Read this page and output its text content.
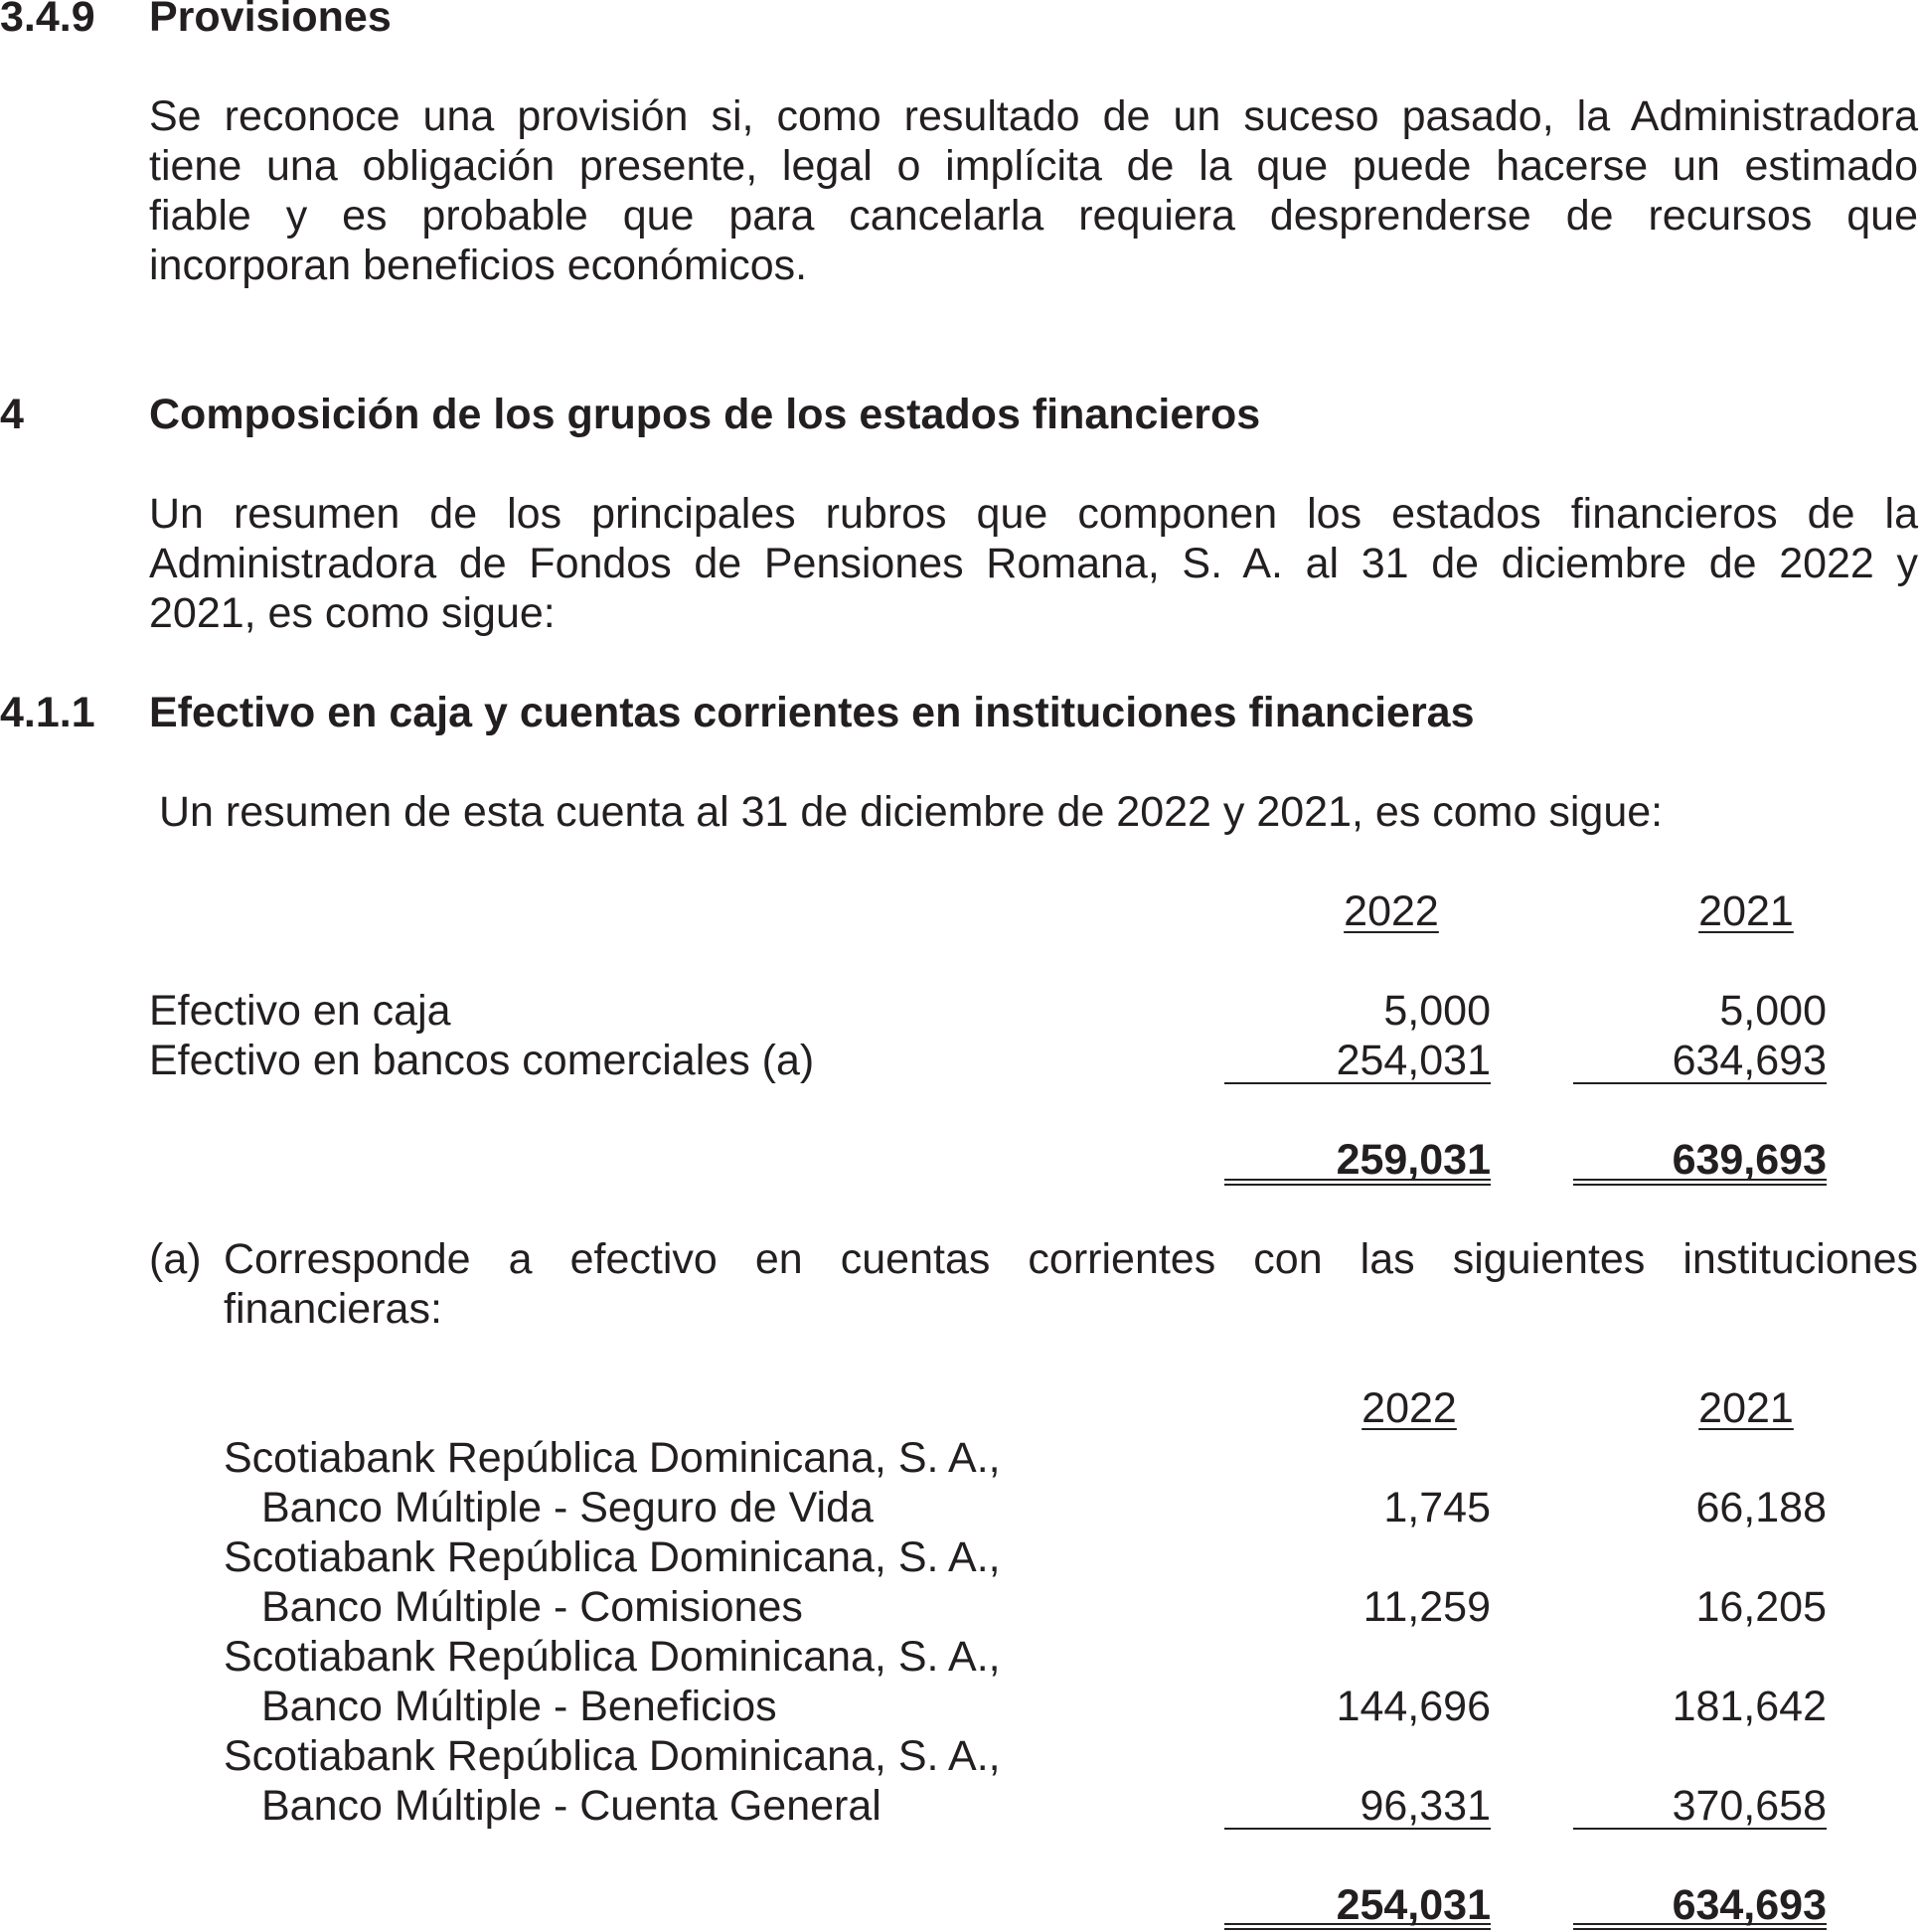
3.4.9 Provisiones
Se reconoce una provisión si, como resultado de un suceso pasado, la Administradora
tiene una obligación presente, legal o implícita de la que puede hacerse un estimado
fiable y es probable que para cancelarla requiera desprenderse de recursos que
incorporan beneficios económicos.
4	Composición de los grupos de los estados financieros
Un resumen de los principales rubros que componen los estados financieros de la
Administradora de Fondos de Pensiones Romana, S. A. al 31 de diciembre de 2022 y
2021, es como sigue:
4.1.1 Efectivo en caja y cuentas corrientes en instituciones financieras
Un resumen de esta cuenta al 31 de diciembre de 2022 y 2021, es como sigue:
2022	2021
Efectivo en caja	5,000	5,000
Efectivo en bancos comerciales (a)	254,031	634,693
259,031	639,693
(a) Corresponde a efectivo en cuentas corrientes con las siguientes instituciones
financieras:
2022	2021
Scotiabank República Dominicana, S. A.,
Banco Múltiple - Seguro de Vida	1,745	66,188
Scotiabank República Dominicana, S. A.,
Banco Múltiple - Comisiones	11,259	16,205
Scotiabank República Dominicana, S. A.,
Banco Múltiple - Beneficios	144,696	181,642
Scotiabank República Dominicana, S. A.,
Banco Múltiple - Cuenta General	96,331	370,658
254,031	634,693
